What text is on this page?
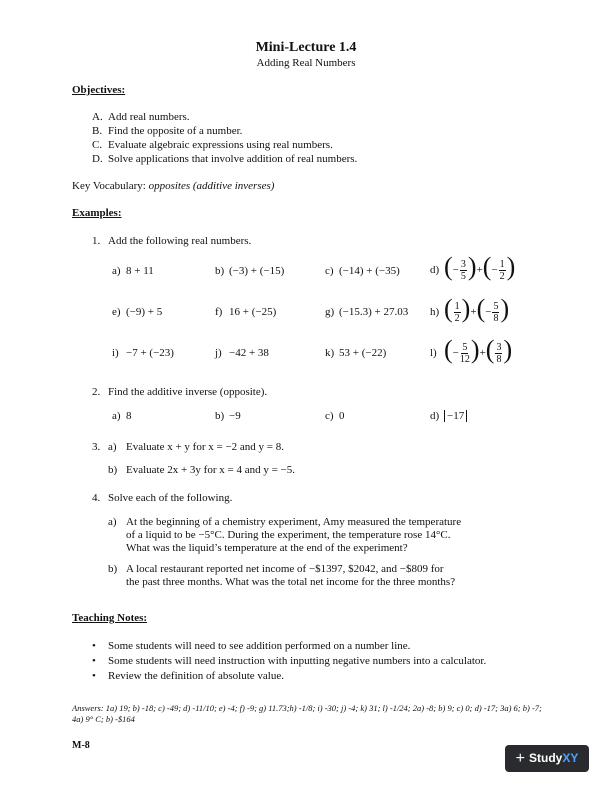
Mini-Lecture 1.4
Adding Real Numbers
Objectives:
A. Add real numbers.
B. Find the opposite of a number.
C. Evaluate algebraic expressions using real numbers.
D. Solve applications that involve addition of real numbers.
Key Vocabulary: opposites (additive inverses)
Examples:
1. Add the following real numbers.
a) 8 + 11	b) (−3) + (−15)	c) (−14) + (−35)	d) (− $\frac{3}{5}$ )+(− $\frac{1}{2}$ )
e) (−9) + 5	f) 16 + (−25)	g) (−15.3) + 27.03 h) ( $\frac{1}{2}$ )+(− $\frac{5}{8}$ )
i) −7 + (−23)	j) −42 + 38	k) 53 + (−22)	l) (− $\frac{5}{12}$ )+( $\frac{3}{8}$ )
2. Find the additive inverse (opposite).
a) 8	b) −9	c) 0	d) −17
3. a) Evaluate x + y for x = −2 and y = 8.
b) Evaluate 2x + 3y for x = 4 and y = −5.
4. Solve each of the following.
a) At the beginning of a chemistry experiment, Amy measured the temperature
of a liquid to be −5°C. During the experiment, the temperature rose 14°C.
What was the liquid’s temperature at the end of the experiment?
b) A local restaurant reported net income of −$1397, $2042, and −$809 for
the past three months. What was the total net income for the three months?
Teaching Notes:
• Some students will need to see addition performed on a number line.
• Some students will need instruction with inputting negative numbers into a calculator.
• Review the definition of absolute value.
Answers: 1a) 19; b) -18; c) -49; d) -11/10; e) -4; f) -9; g) 11.73;h) -1/8; i) -30; j) -4; k) 31; l) -1/24; 2a) -8; b) 9; c) 0; d) -17; 3a) 6; b) -7; 4a) 9° C; b) -$164
M-8
+ Study XY
